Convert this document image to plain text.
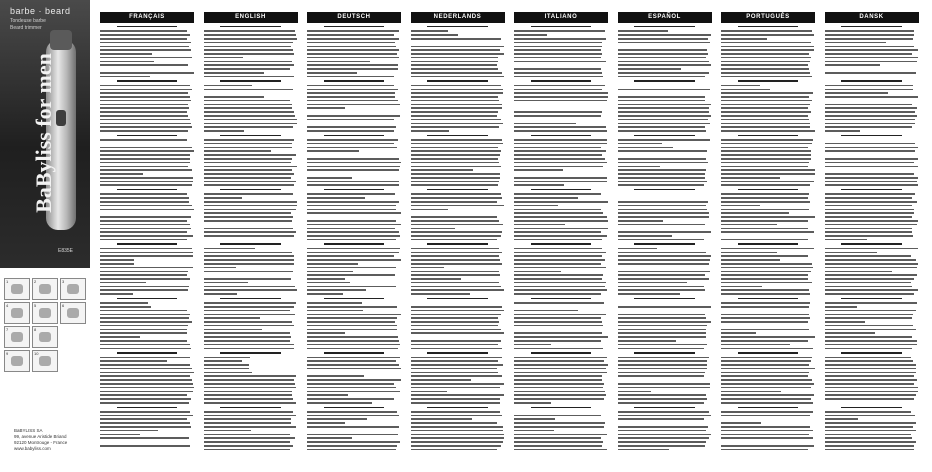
barbe · beard
Tondeuse barbe
Beard trimmer
BaByliss for men
E835E
1	2	3
4	5	6
7	8
9	10
BaBYLISS SA
99, avenue Aristide Briand
92120 Montrouge - France
www.babyliss.com
FRANÇAIS	ENGLISH	DEUTSCH	NEDERLANDS	ITALIANO	ESPAÑOL	PORTUGUÊS	DANSK
